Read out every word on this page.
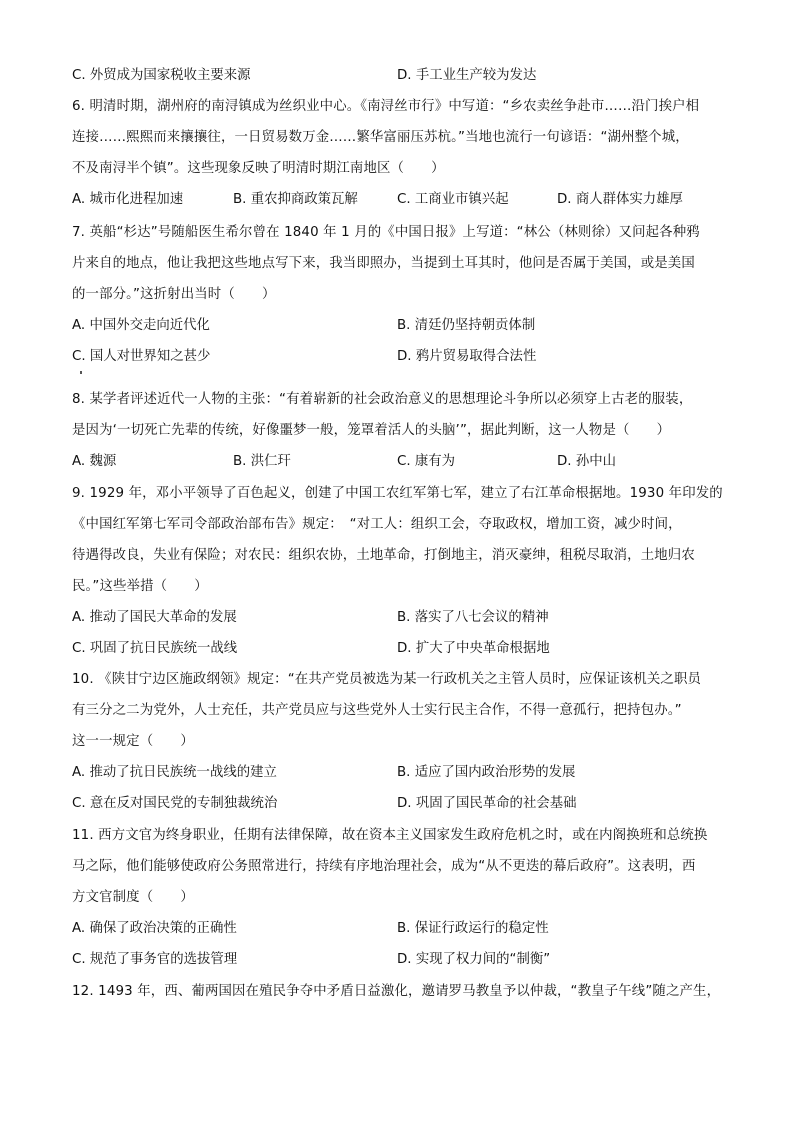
C. 外贸成为国家税收主要来源	D. 手工业生产较为发达
6. 明清时期，湖州府的南浔镇成为丝织业中心。《南浔丝市行》中写道：“乡农卖丝争赴市……沿门挨户相
连接……熙熙而来攘攘往，一日贸易数万金……繁华富丽压苏杭。”当地也流行一句谚语：“湖州整个城，
不及南浔半个镇”。这些现象反映了明清时期江南地区（　　）
A. 城市化进程加速	B. 重农抑商政策瓦解	C. 工商业市镇兴起	D. 商人群体实力雄厚
7. 英船“杉达”号随船医生希尔曾在 1840 年 1 月的《中国日报》上写道：“林公（林则徐）又问起各种鸦
片来自的地点，他让我把这些地点写下来，我当即照办，当提到土耳其时，他问是否属于美国，或是美国
的一部分。”这折射出当时（　　）
A. 中国外交走向近代化	B. 清廷仍坚持朝贡体制
C. 国人对世界知之甚少	D. 鸦片贸易取得合法性
8. 某学者评述近代一人物的主张：“有着崭新的社会政治意义的思想理论斗争所以必须穿上古老的服装，
是因为‘一切死亡先辈的传统，好像噩梦一般，笼罩着活人的头脑’”，据此判断，这一人物是（　　）
A. 魏源	B. 洪仁玕	C. 康有为	D. 孙中山
9. 1929 年，邓小平领导了百色起义，创建了中国工农红军第七军，建立了右江革命根据地。1930 年印发的
《中国红军第七军司令部政治部布告》规定：　“对工人：组织工会，夺取政权，增加工资，减少时间，
待遇得改良，失业有保险；对农民：组织农协，土地革命，打倒地主，消灭豪绅，租税尽取消，土地归农
民。”这些举措（　　）
A. 推动了国民大革命的发展	B. 落实了八七会议的精神
C. 巩固了抗日民族统一战线	D. 扩大了中央革命根据地
10. 《陕甘宁边区施政纲领》规定：“在共产党员被选为某一行政机关之主管人员时，应保证该机关之职员
有三分之二为党外，人士充任，共产党员应与这些党外人士实行民主合作，不得一意孤行，把持包办。”
这一一规定（　　）
A. 推动了抗日民族统一战线的建立	B. 适应了国内政治形势的发展
C. 意在反对国民党的专制独裁统治	D. 巩固了国民革命的社会基础
11. 西方文官为终身职业，任期有法律保障，故在资本主义国家发生政府危机之时，或在内阁换班和总统换
马之际，他们能够使政府公务照常进行，持续有序地治理社会，成为“从不更迭的幕后政府”。这表明，西
方文官制度（　　）
A. 确保了政治决策的正确性	B. 保证行政运行的稳定性
C. 规范了事务官的选拔管理	D. 实现了权力间的“制衡”
12. 1493 年，西、葡两国因在殖民争夺中矛盾日益激化，邀请罗马教皇予以仲裁，“教皇子午线”随之产生，
